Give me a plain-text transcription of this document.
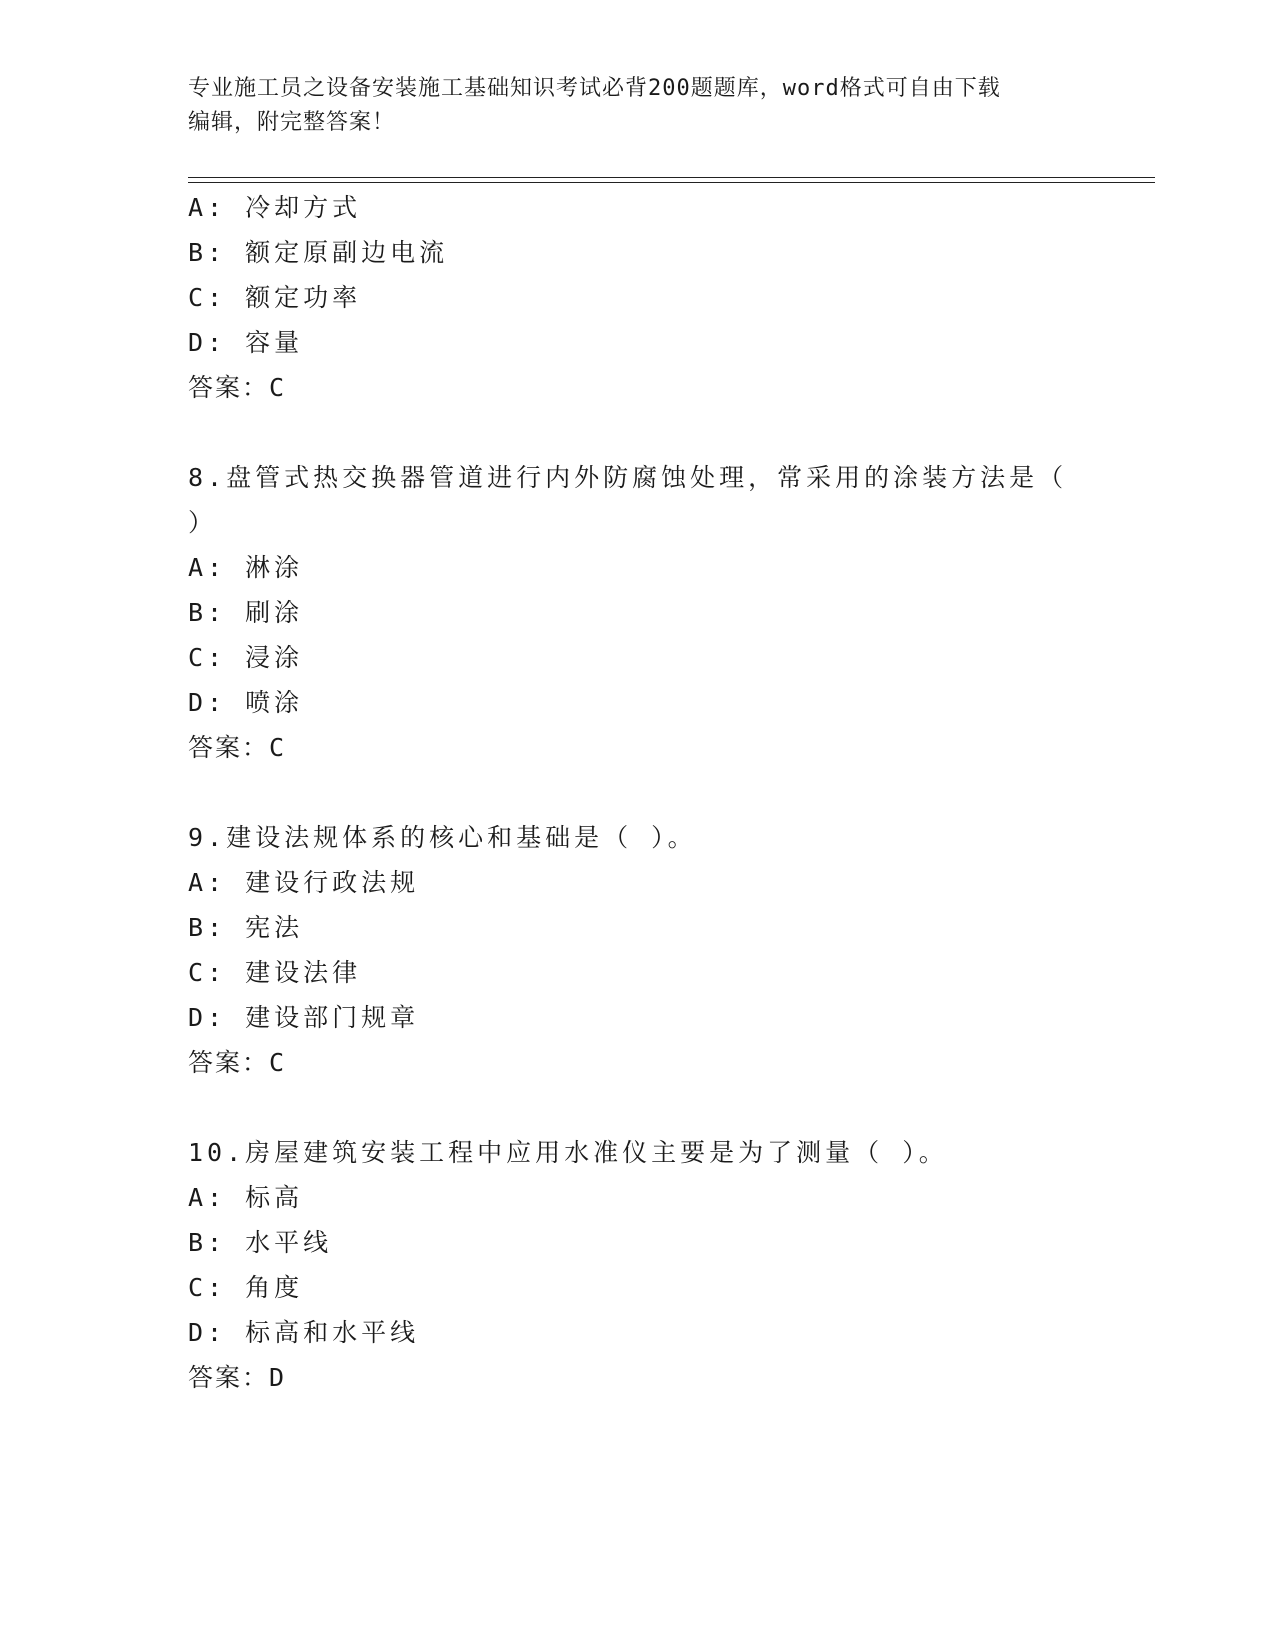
专业施工员之设备安装施工基础知识考试必背200题题库，word格式可自由下载
编辑，附完整答案！
A: 冷却方式
B: 额定原副边电流
C: 额定功率
D: 容量
答案：C
8.盘管式热交换器管道进行内外防腐蚀处理，常采用的涂装方法是（
）
A: 淋涂
B: 刷涂
C: 浸涂
D: 喷涂
答案：C
9.建设法规体系的核心和基础是（ ）。
A: 建设行政法规
B: 宪法
C: 建设法律
D: 建设部门规章
答案：C
10.房屋建筑安装工程中应用水准仪主要是为了测量（ ）。
A: 标高
B: 水平线
C: 角度
D: 标高和水平线
答案：D
